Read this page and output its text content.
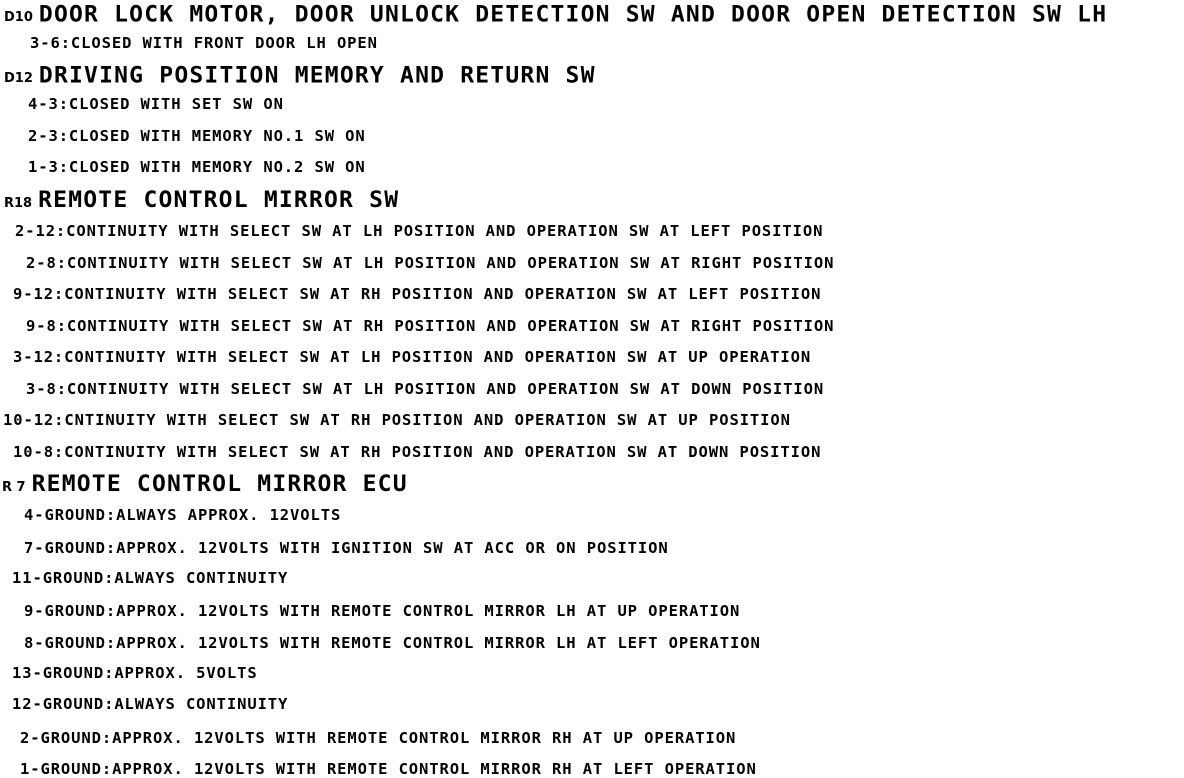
D10 DOOR LOCK MOTOR, DOOR UNLOCK DETECTION SW AND DOOR OPEN DETECTION SW LH
3-6:CLOSED WITH FRONT DOOR LH OPEN
D12 DRIVING POSITION MEMORY AND RETURN SW
4-3:CLOSED WITH SET SW ON
2-3:CLOSED WITH MEMORY NO.1 SW ON
1-3:CLOSED WITH MEMORY NO.2 SW ON
R18 REMOTE CONTROL MIRROR SW
2-12:CONTINUITY WITH SELECT SW AT LH POSITION AND OPERATION SW AT LEFT POSITION
2-8:CONTINUITY WITH SELECT SW AT LH POSITION AND OPERATION SW AT RIGHT POSITION
9-12:CONTINUITY WITH SELECT SW AT RH POSITION AND OPERATION SW AT LEFT POSITION
9-8:CONTINUITY WITH SELECT SW AT RH POSITION AND OPERATION SW AT RIGHT POSITION
3-12:CONTINUITY WITH SELECT SW AT LH POSITION AND OPERATION SW AT UP OPERATION
3-8:CONTINUITY WITH SELECT SW AT LH POSITION AND OPERATION SW AT DOWN POSITION
10-12:CNTINUITY WITH SELECT SW AT RH POSITION AND OPERATION SW AT UP POSITION
10-8:CONTINUITY WITH SELECT SW AT RH POSITION AND OPERATION SW AT DOWN POSITION
R 7 REMOTE CONTROL MIRROR ECU
4-GROUND:ALWAYS APPROX. 12VOLTS
7-GROUND:APPROX. 12VOLTS WITH IGNITION SW AT ACC OR ON POSITION
11-GROUND:ALWAYS CONTINUITY
9-GROUND:APPROX. 12VOLTS WITH REMOTE CONTROL MIRROR LH AT UP OPERATION
8-GROUND:APPROX. 12VOLTS WITH REMOTE CONTROL MIRROR LH AT LEFT OPERATION
13-GROUND:APPROX. 5VOLTS
12-GROUND:ALWAYS CONTINUITY
2-GROUND:APPROX. 12VOLTS WITH REMOTE CONTROL MIRROR RH AT UP OPERATION
1-GROUND:APPROX. 12VOLTS WITH REMOTE CONTROL MIRROR RH AT LEFT OPERATION
